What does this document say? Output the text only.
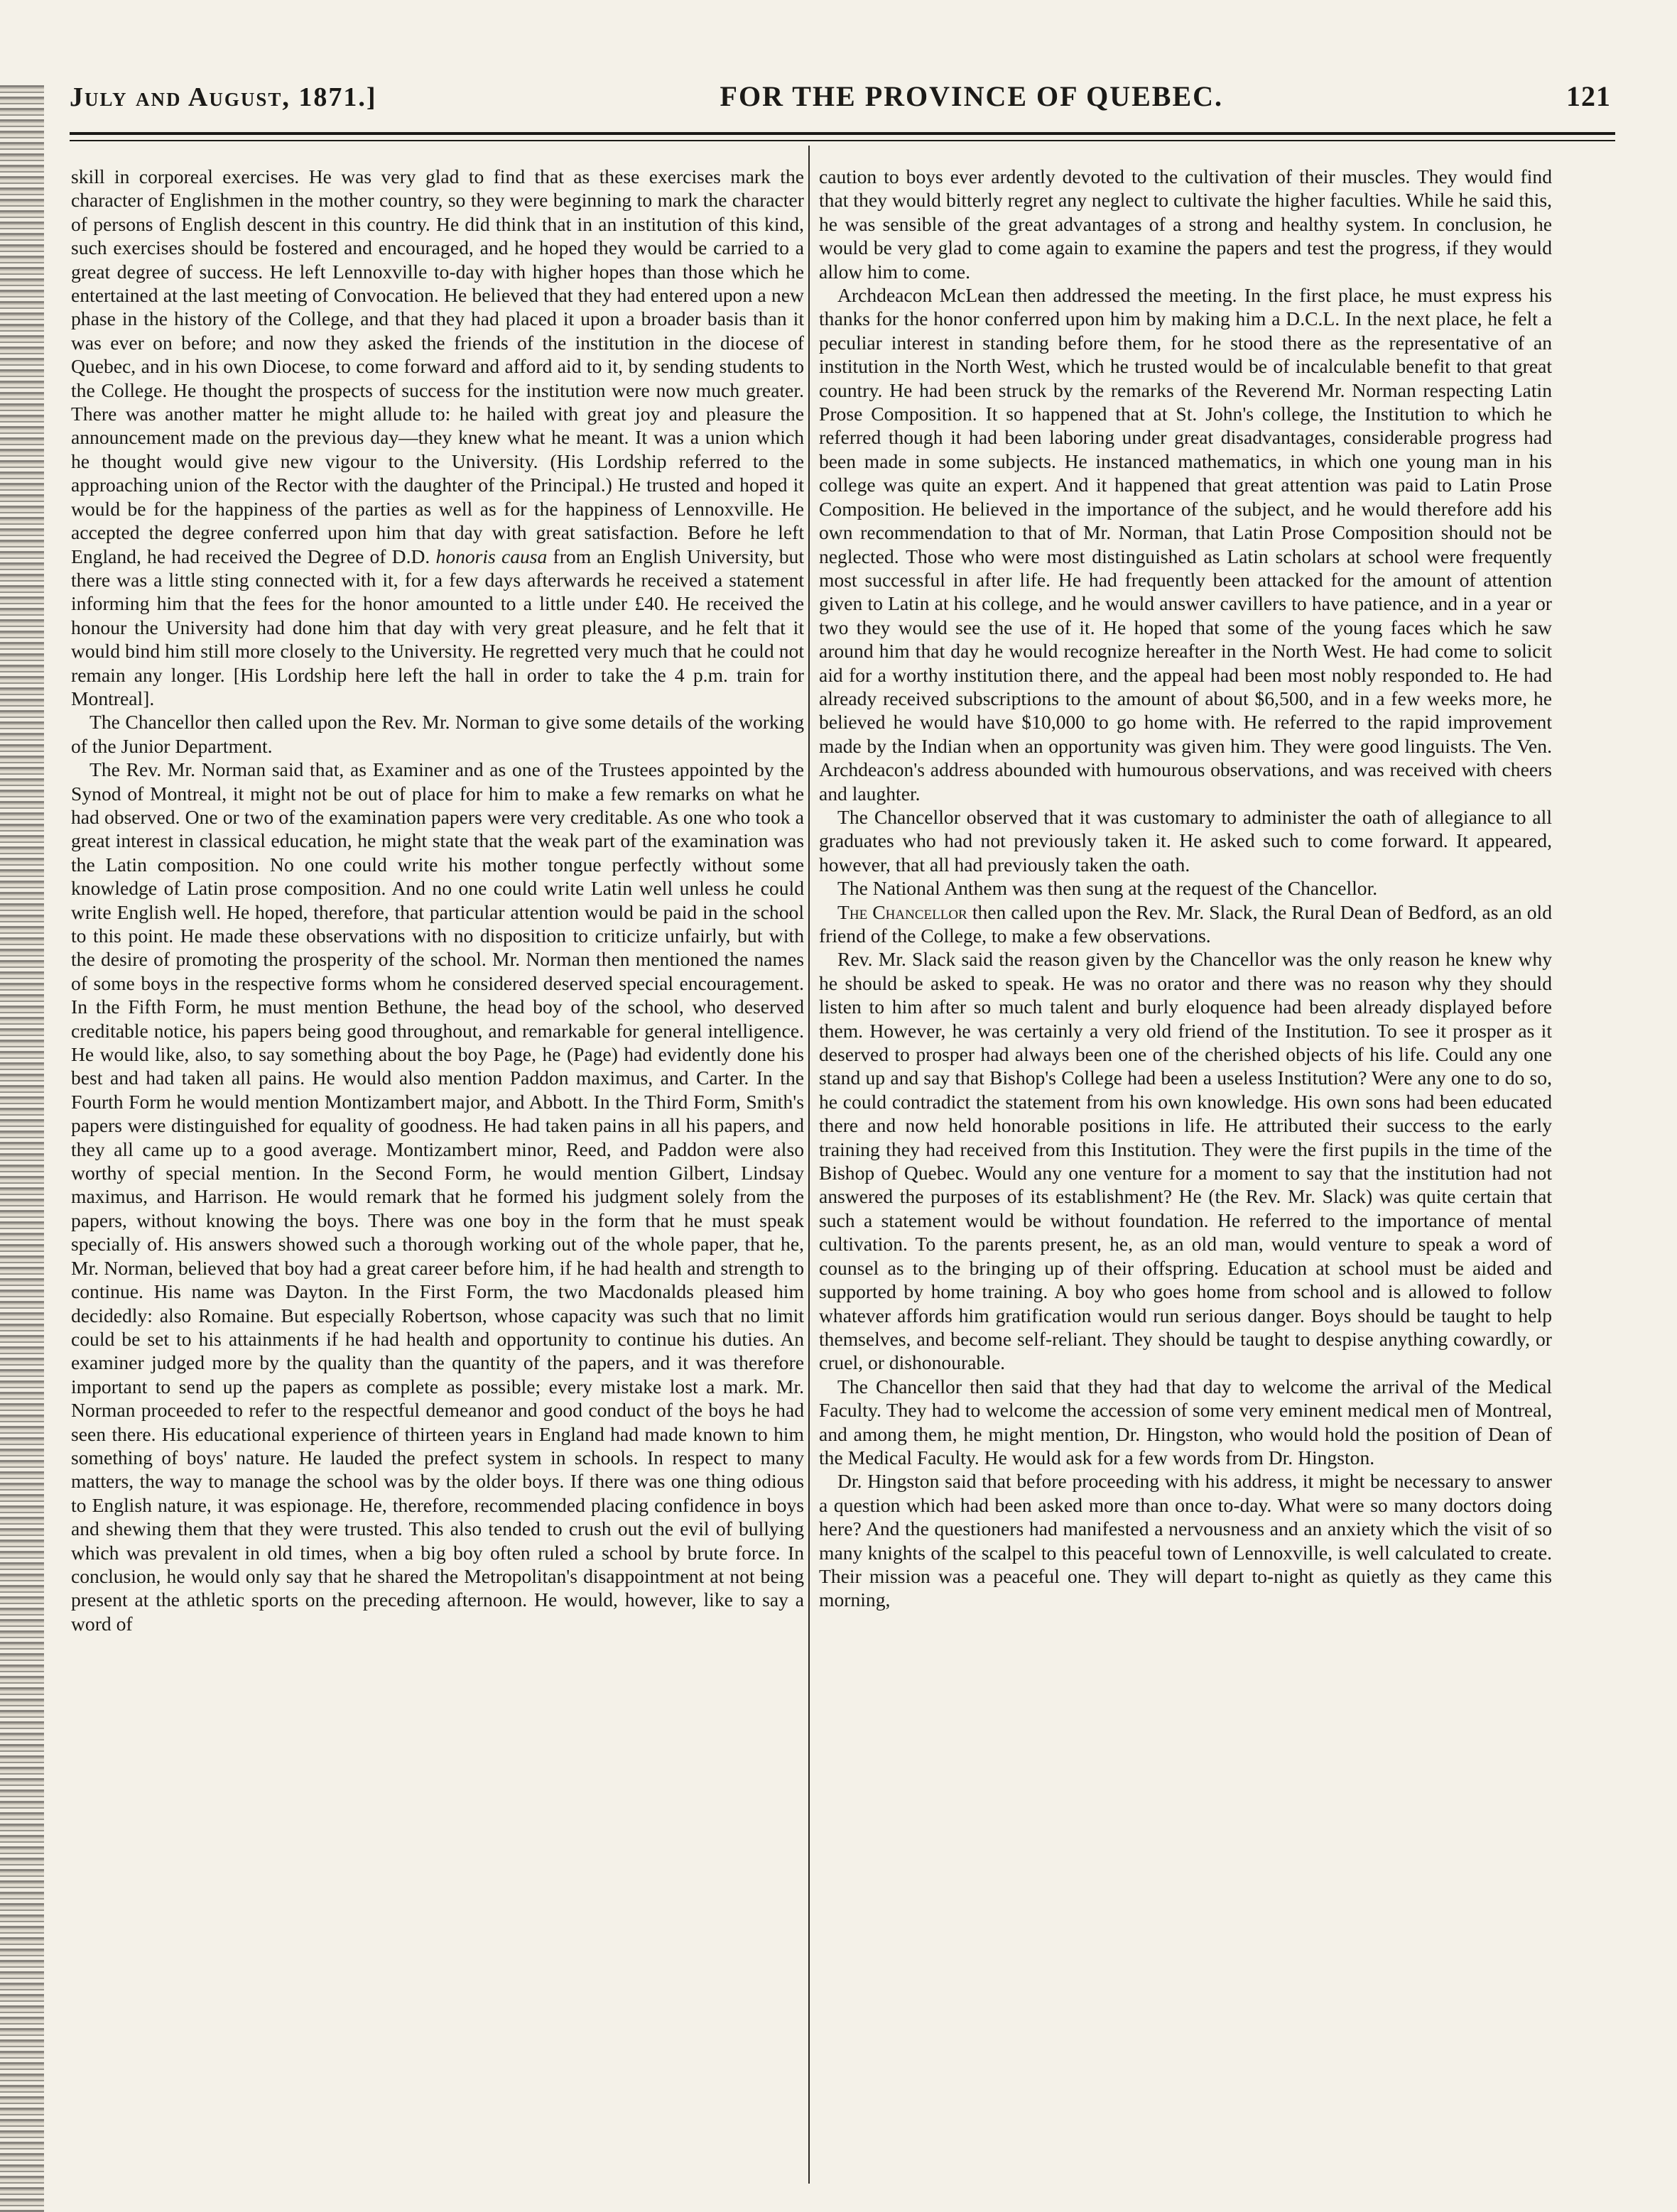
July and August, 1871.]	FOR THE PROVINCE OF QUEBEC.	121

skill in corporeal exercises. He was very glad to find that as these exercises mark the character of Englishmen in the mother country, so they were beginning to mark the character of persons of English descent in this country. He did think that in an institution of this kind, such exercises should be fostered and encouraged, and he hoped they would be carried to a great degree of success. He left Lennoxville to-day with higher hopes than those which he entertained at the last meeting of Convocation. He believed that they had entered upon a new phase in the history of the College, and that they had placed it upon a broader basis than it was ever on before; and now they asked the friends of the institution in the diocese of Quebec, and in his own Diocese, to come forward and afford aid to it, by sending students to the College. He thought the prospects of success for the institution were now much greater. There was another matter he might allude to: he hailed with great joy and pleasure the announcement made on the previous day—they knew what he meant. It was a union which he thought would give new vigour to the University. (His Lordship referred to the approaching union of the Rector with the daughter of the Principal.) He trusted and hoped it would be for the happiness of the parties as well as for the happiness of Lennoxville. He accepted the degree conferred upon him that day with great satisfaction. Before he left England, he had received the Degree of D.D. honoris causa from an English University, but there was a little sting connected with it, for a few days afterwards he received a statement informing him that the fees for the honor amounted to a little under £40. He received the honour the University had done him that day with very great pleasure, and he felt that it would bind him still more closely to the University. He regretted very much that he could not remain any longer. [His Lordship here left the hall in order to take the 4 p.m. train for Montreal].

The Chancellor then called upon the Rev. Mr. Norman to give some details of the working of the Junior Department.

The Rev. Mr. Norman said that, as Examiner and as one of the Trustees appointed by the Synod of Montreal, it might not be out of place for him to make a few remarks on what he had observed. One or two of the examination papers were very creditable. As one who took a great interest in classical education, he might state that the weak part of the examination was the Latin composition. No one could write his mother tongue perfectly without some knowledge of Latin prose composition. And no one could write Latin well unless he could write English well. He hoped, therefore, that particular attention would be paid in the school to this point. He made these observations with no disposition to criticize unfairly, but with the desire of promoting the prosperity of the school. Mr. Norman then mentioned the names of some boys in the respective forms whom he considered deserved special encouragement. In the Fifth Form, he must mention Bethune, the head boy of the school, who deserved creditable notice, his papers being good throughout, and remarkable for general intelligence. He would like, also, to say something about the boy Page, he (Page) had evidently done his best and had taken all pains. He would also mention Paddon maximus, and Carter. In the Fourth Form he would mention Montizambert major, and Abbott. In the Third Form, Smith's papers were distinguished for equality of goodness. He had taken pains in all his papers, and they all came up to a good average. Montizambert minor, Reed, and Paddon were also worthy of special mention. In the Second Form, he would mention Gilbert, Lindsay maximus, and Harrison. He would remark that he formed his judgment solely from the papers, without knowing the boys. There was one boy in the form that he must speak specially of. His answers showed such a thorough working out of the whole paper, that he, Mr. Norman, believed that boy had a great career before him, if he had health and strength to continue. His name was Dayton. In the First Form, the two Macdonalds pleased him decidedly: also Romaine. But especially Robertson, whose capacity was such that no limit could be set to his attainments if he had health and opportunity to continue his duties. An examiner judged more by the quality than the quantity of the papers, and it was therefore important to send up the papers as complete as possible; every mistake lost a mark. Mr. Norman proceeded to refer to the respectful demeanor and good conduct of the boys he had seen there. His educational experience of thirteen years in England had made known to him something of boys' nature. He lauded the prefect system in schools. In respect to many matters, the way to manage the school was by the older boys. If there was one thing odious to English nature, it was espionage. He, therefore, recommended placing confidence in boys and shewing them that they were trusted. This also tended to crush out the evil of bullying which was prevalent in old times, when a big boy often ruled a school by brute force. In conclusion, he would only say that he shared the Metropolitan's disappointment at not being present at the athletic sports on the preceding afternoon. He would, however, like to say a word of

caution to boys ever ardently devoted to the cultivation of their muscles. They would find that they would bitterly regret any neglect to cultivate the higher faculties. While he said this, he was sensible of the great advantages of a strong and healthy system. In conclusion, he would be very glad to come again to examine the papers and test the progress, if they would allow him to come.

Archdeacon McLean then addressed the meeting. In the first place, he must express his thanks for the honor conferred upon him by making him a D.C.L. In the next place, he felt a peculiar interest in standing before them, for he stood there as the representative of an institution in the North West, which he trusted would be of incalculable benefit to that great country. He had been struck by the remarks of the Reverend Mr. Norman respecting Latin Prose Composition. It so happened that at St. John's college, the Institution to which he referred though it had been laboring under great disadvantages, considerable progress had been made in some subjects. He instanced mathematics, in which one young man in his college was quite an expert. And it happened that great attention was paid to Latin Prose Composition. He believed in the importance of the subject, and he would therefore add his own recommendation to that of Mr. Norman, that Latin Prose Composition should not be neglected. Those who were most distinguished as Latin scholars at school were frequently most successful in after life. He had frequently been attacked for the amount of attention given to Latin at his college, and he would answer cavillers to have patience, and in a year or two they would see the use of it. He hoped that some of the young faces which he saw around him that day he would recognize hereafter in the North West. He had come to solicit aid for a worthy institution there, and the appeal had been most nobly responded to. He had already received subscriptions to the amount of about $6,500, and in a few weeks more, he believed he would have $10,000 to go home with. He referred to the rapid improvement made by the Indian when an opportunity was given him. They were good linguists. The Ven. Archdeacon's address abounded with humourous observations, and was received with cheers and laughter.

The Chancellor observed that it was customary to administer the oath of allegiance to all graduates who had not previously taken it. He asked such to come forward. It appeared, however, that all had previously taken the oath.

The National Anthem was then sung at the request of the Chancellor.

The Chancellor then called upon the Rev. Mr. Slack, the Rural Dean of Bedford, as an old friend of the College, to make a few observations.

Rev. Mr. Slack said the reason given by the Chancellor was the only reason he knew why he should be asked to speak. He was no orator and there was no reason why they should listen to him after so much talent and burly eloquence had been already displayed before them. However, he was certainly a very old friend of the Institution. To see it prosper as it deserved to prosper had always been one of the cherished objects of his life. Could any one stand up and say that Bishop's College had been a useless Institution? Were any one to do so, he could contradict the statement from his own knowledge. His own sons had been educated there and now held honorable positions in life. He attributed their success to the early training they had received from this Institution. They were the first pupils in the time of the Bishop of Quebec. Would any one venture for a moment to say that the institution had not answered the purposes of its establishment? He (the Rev. Mr. Slack) was quite certain that such a statement would be without foundation. He referred to the importance of mental cultivation. To the parents present, he, as an old man, would venture to speak a word of counsel as to the bringing up of their offspring. Education at school must be aided and supported by home training. A boy who goes home from school and is allowed to follow whatever affords him gratification would run serious danger. Boys should be taught to help themselves, and become self-reliant. They should be taught to despise anything cowardly, or cruel, or dishonourable.

The Chancellor then said that they had that day to welcome the arrival of the Medical Faculty. They had to welcome the accession of some very eminent medical men of Montreal, and among them, he might mention, Dr. Hingston, who would hold the position of Dean of the Medical Faculty. He would ask for a few words from Dr. Hingston.

Dr. Hingston said that before proceeding with his address, it might be necessary to answer a question which had been asked more than once to-day. What were so many doctors doing here? And the questioners had manifested a nervousness and an anxiety which the visit of so many knights of the scalpel to this peaceful town of Lennoxville, is well calculated to create. Their mission was a peaceful one. They will depart to-night as quietly as they came this morning,
